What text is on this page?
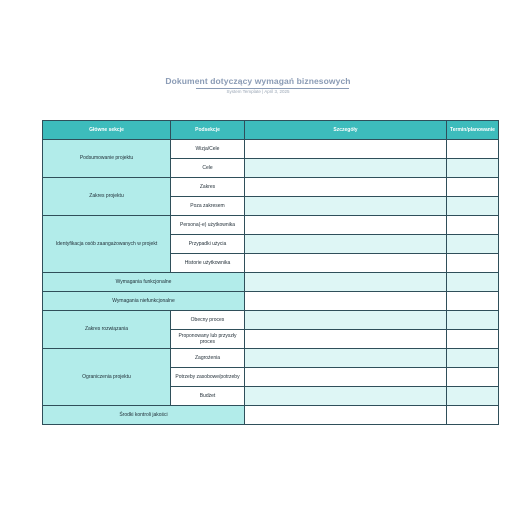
Dokument dotyczący wymagań biznesowych
System Template | April 3, 2025
Główne sekcje	Podsekcje	Szczegóły	Termin/planowanie
Podsumowanie projektu	Wizja/Cele		
	Cele		
Zakres projektu	Zakres		
	Poza zakresem		
Identyfikacja osób zaangażowanych w projekt	Persona(-e) użytkownika		
	Przypadki użycia		
	Historie użytkownika		
Wymagania funkcjonalne			
Wymagania niefunkcjonalne			
Zakres rozwiązania	Obecny proces		
	Proponowany lub przyszły proces		
Ograniczenia projektu	Zagrożenia		
	Potrzeby zasobowe/potrzeby		
	Budżet		
Środki kontroli jakości			
